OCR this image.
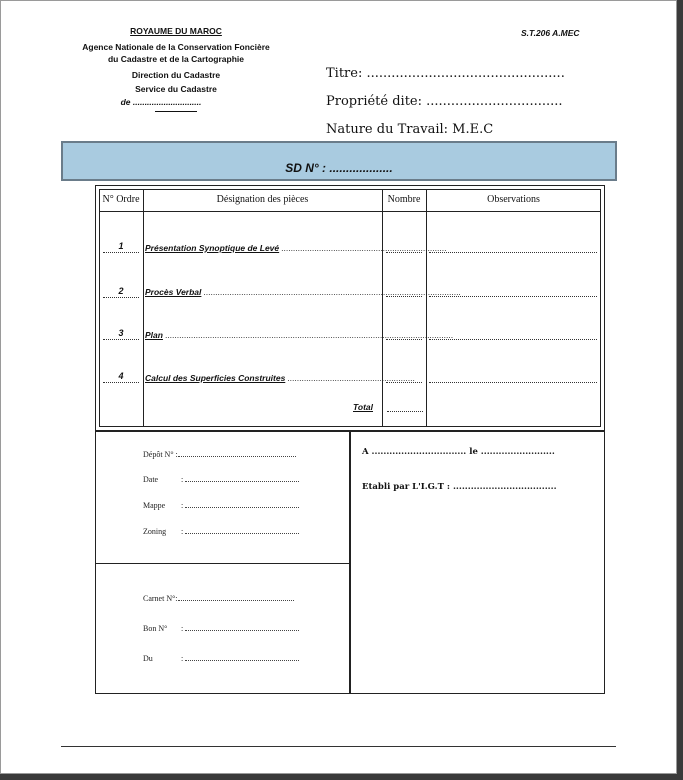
ROYAUME DU MAROC
Agence Nationale de la Conservation Foncière
du Cadastre et de la Cartographie
Direction du Cadastre
Service du Cadastre
de .............................
S.T.206 A.MEC
Titre: ................................................
Propriété dite: .................................
Nature du Travail: M.E.C
SD N° : ...................
N° Ordre	Désignation des pièces	Nombre	Observations
1	Présentation Synoptique de Levé ......................................................................
2	Procès Verbal .............................................................................................................
3	Plan ..........................................................................................................................
4	Calcul des Superficies Construites ......................................................
Total
Dépôt N° :
Date	:
Mappe :
Zoning :
Carnet N°:
Bon N° :
Du	:
A ................................ le .........................
Etabli par L'I.G.T : ...................................
